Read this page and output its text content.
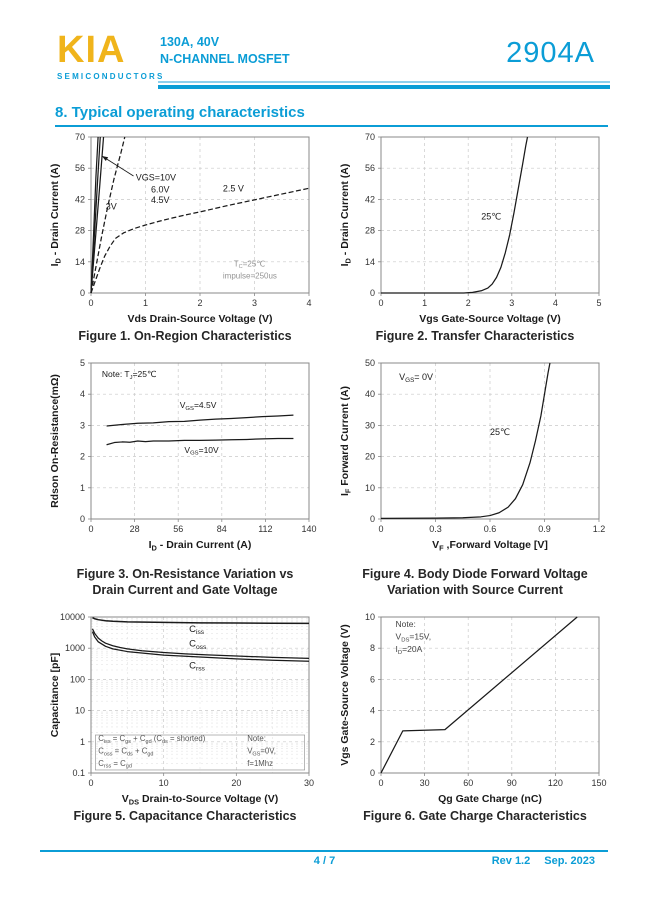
KIA
SEMICONDUCTORS
130A, 40V
N-CHANNEL MOSFET	2904A
8. Typical operating characteristics
0	1	2	3	4
0
14
28
42
56
70
VGS=10V
6.0V
4.5V
3V
2.5 V
$T_C=25℃$
impulse=250us
Vds Drain-Source Voltage (V)
$I_D$ - Drain Current (A)
Figure 1. On-Region Characteristics
0	1	2	3	4	5
0
14
28
42
56
70
25℃
Vgs Gate-Source Voltage (V)
$I_D$ - Drain Current (A)
Figure 2. Transfer Characteristics
0	28	56	84	112	140
0
1
2
3
4
5
Note: $T_J=25℃$
$V_{GS}=4.5V$
$V_{GS}=10V$
$I_D$ - Drain Current (A)
Rdson On-Resistance(mΩ)
Figure 3. On-Resistance Variation vs
Drain Current and Gate Voltage
0	0.3	0.6	0.9	1.2
0
10
20
30
40
50
$V_{GS}= 0V$
25℃
$V_F$ ,Forward Voltage [V]
$I_F$ Forward Current (A)
Figure 4. Body Diode Forward Voltage
Variation with Source Current
0	10	20	30
0.1
1
10
100
1000
10000
$C_{iss}$
$C_{oss}$
$C_{rss}$
$C_{iss} = C_{gs} + C_{gd}$ ($C_{ds}$ = shorted)
$C_{oss} = C_{ds} + C_{gd}$
$C_{rss} = C_{gd}$
Note:
$V_{GS}=0V$,
f=1Mhz
$V_{DS}$ Drain-to-Source Voltage (V)
Capacitance [pF]
Figure 5. Capacitance Characteristics
0	30	60	90	120	150
0
2
4
6
8
10
Note:
$V_{DS}=15V$,
$I_D=20A$
Qg Gate Charge (nC)
Vgs Gate-Source Voltage (V)
Figure 6. Gate Charge Characteristics
4 / 7	Rev 1.2 Sep. 2023
